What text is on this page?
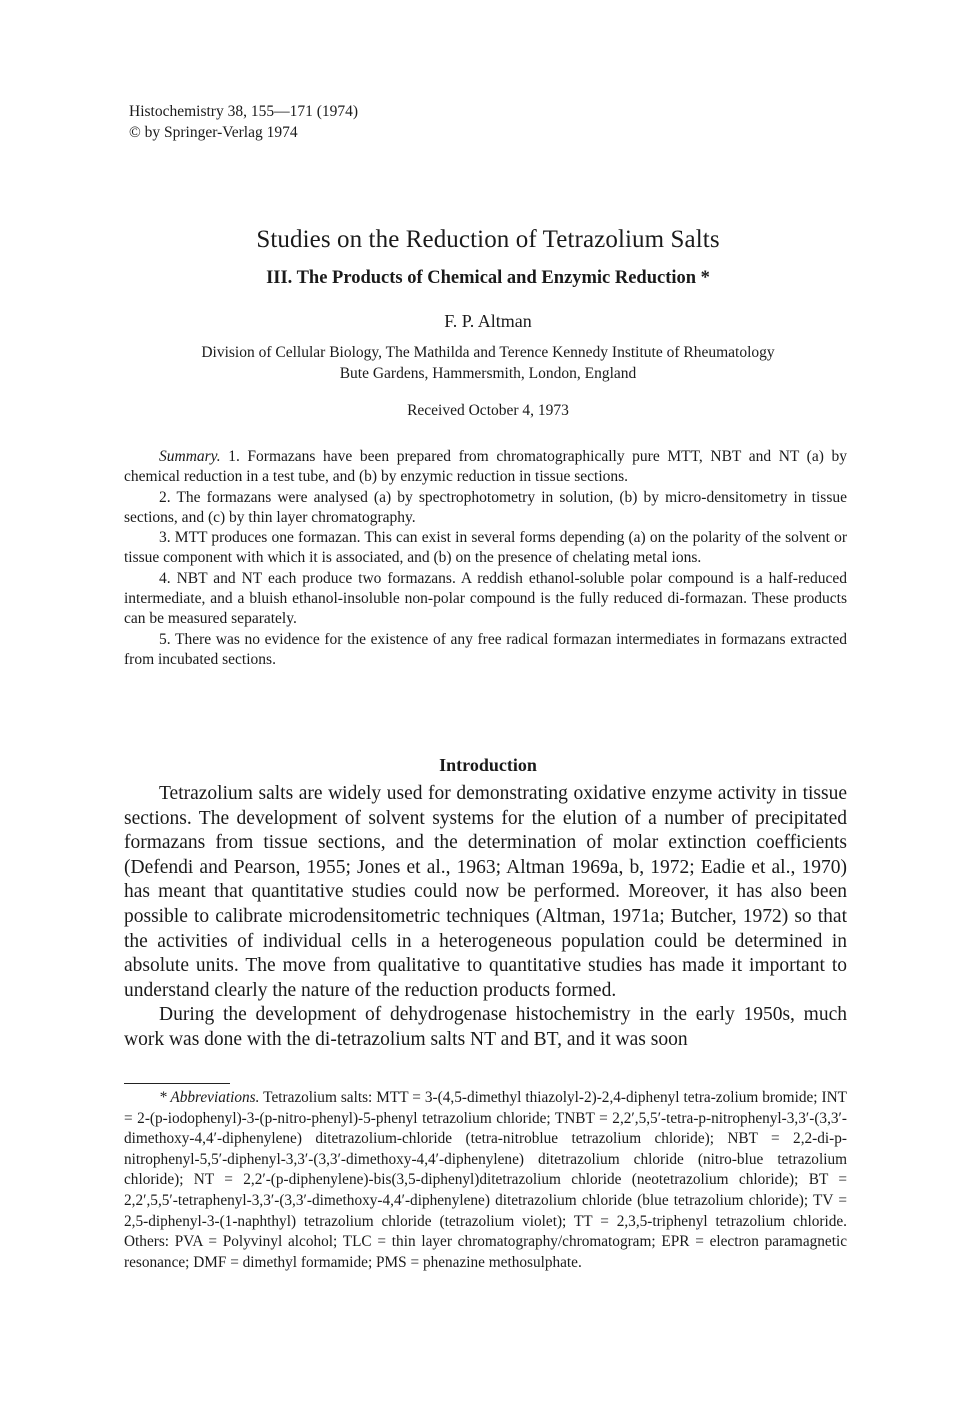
Histochemistry 38, 155—171 (1974)
© by Springer-Verlag 1974
Studies on the Reduction of Tetrazolium Salts
III. The Products of Chemical and Enzymic Reduction *
F. P. Altman
Division of Cellular Biology, The Mathilda and Terence Kennedy Institute of Rheumatology
Bute Gardens, Hammersmith, London, England
Received October 4, 1973

Summary. 1. Formazans have been prepared from chromatographically pure MTT, NBT and NT (a) by chemical reduction in a test tube, and (b) by enzymic reduction in tissue sections.

2. The formazans were analysed (a) by spectrophotometry in solution, (b) by micro-densitometry in tissue sections, and (c) by thin layer chromatography.

3. MTT produces one formazan. This can exist in several forms depending (a) on the polarity of the solvent or tissue component with which it is associated, and (b) on the presence of chelating metal ions.

4. NBT and NT each produce two formazans. A reddish ethanol-soluble polar compound is a half-reduced intermediate, and a bluish ethanol-insoluble non-polar compound is the fully reduced di-formazan. These products can be measured separately.

5. There was no evidence for the existence of any free radical formazan intermediates in formazans extracted from incubated sections.

Introduction

Tetrazolium salts are widely used for demonstrating oxidative enzyme activity in tissue sections. The development of solvent systems for the elution of a number of precipitated formazans from tissue sections, and the determination of molar extinction coefficients (Defendi and Pearson, 1955; Jones et al., 1963; Altman 1969a, b, 1972; Eadie et al., 1970) has meant that quantitative studies could now be performed. Moreover, it has also been possible to calibrate microdensitometric techniques (Altman, 1971a; Butcher, 1972) so that the activities of individual cells in a heterogeneous population could be determined in absolute units. The move from qualitative to quantitative studies has made it important to understand clearly the nature of the reduction products formed.

During the development of dehydrogenase histochemistry in the early 1950s, much work was done with the di-tetrazolium salts NT and BT, and it was soon

* Abbreviations. Tetrazolium salts: MTT = 3-(4,5-dimethyl thiazolyl-2)-2,4-diphenyl tetra-zolium bromide; INT = 2-(p-iodophenyl)-3-(p-nitro-phenyl)-5-phenyl tetrazolium chloride; TNBT = 2,2′,5,5′-tetra-p-nitrophenyl-3,3′-(3,3′-dimethoxy-4,4′-diphenylene) ditetrazolium-chloride (tetra-nitroblue tetrazolium chloride); NBT = 2,2-di-p-nitrophenyl-5,5′-diphenyl-3,3′-(3,3′-dimethoxy-4,4′-diphenylene) ditetrazolium chloride (nitro-blue tetrazolium chloride); NT = 2,2′-(p-diphenylene)-bis(3,5-diphenyl)ditetrazolium chloride (neotetrazolium chloride); BT = 2,2′,5,5′-tetraphenyl-3,3′-(3,3′-dimethoxy-4,4′-diphenylene) ditetrazolium chloride (blue tetrazolium chloride); TV = 2,5-diphenyl-3-(1-naphthyl) tetrazolium chloride (tetrazolium violet); TT = 2,3,5-triphenyl tetrazolium chloride. Others: PVA = Polyvinyl alcohol; TLC = thin layer chromatography/chromatogram; EPR = electron paramagnetic resonance; DMF = dimethyl formamide; PMS = phenazine methosulphate.
